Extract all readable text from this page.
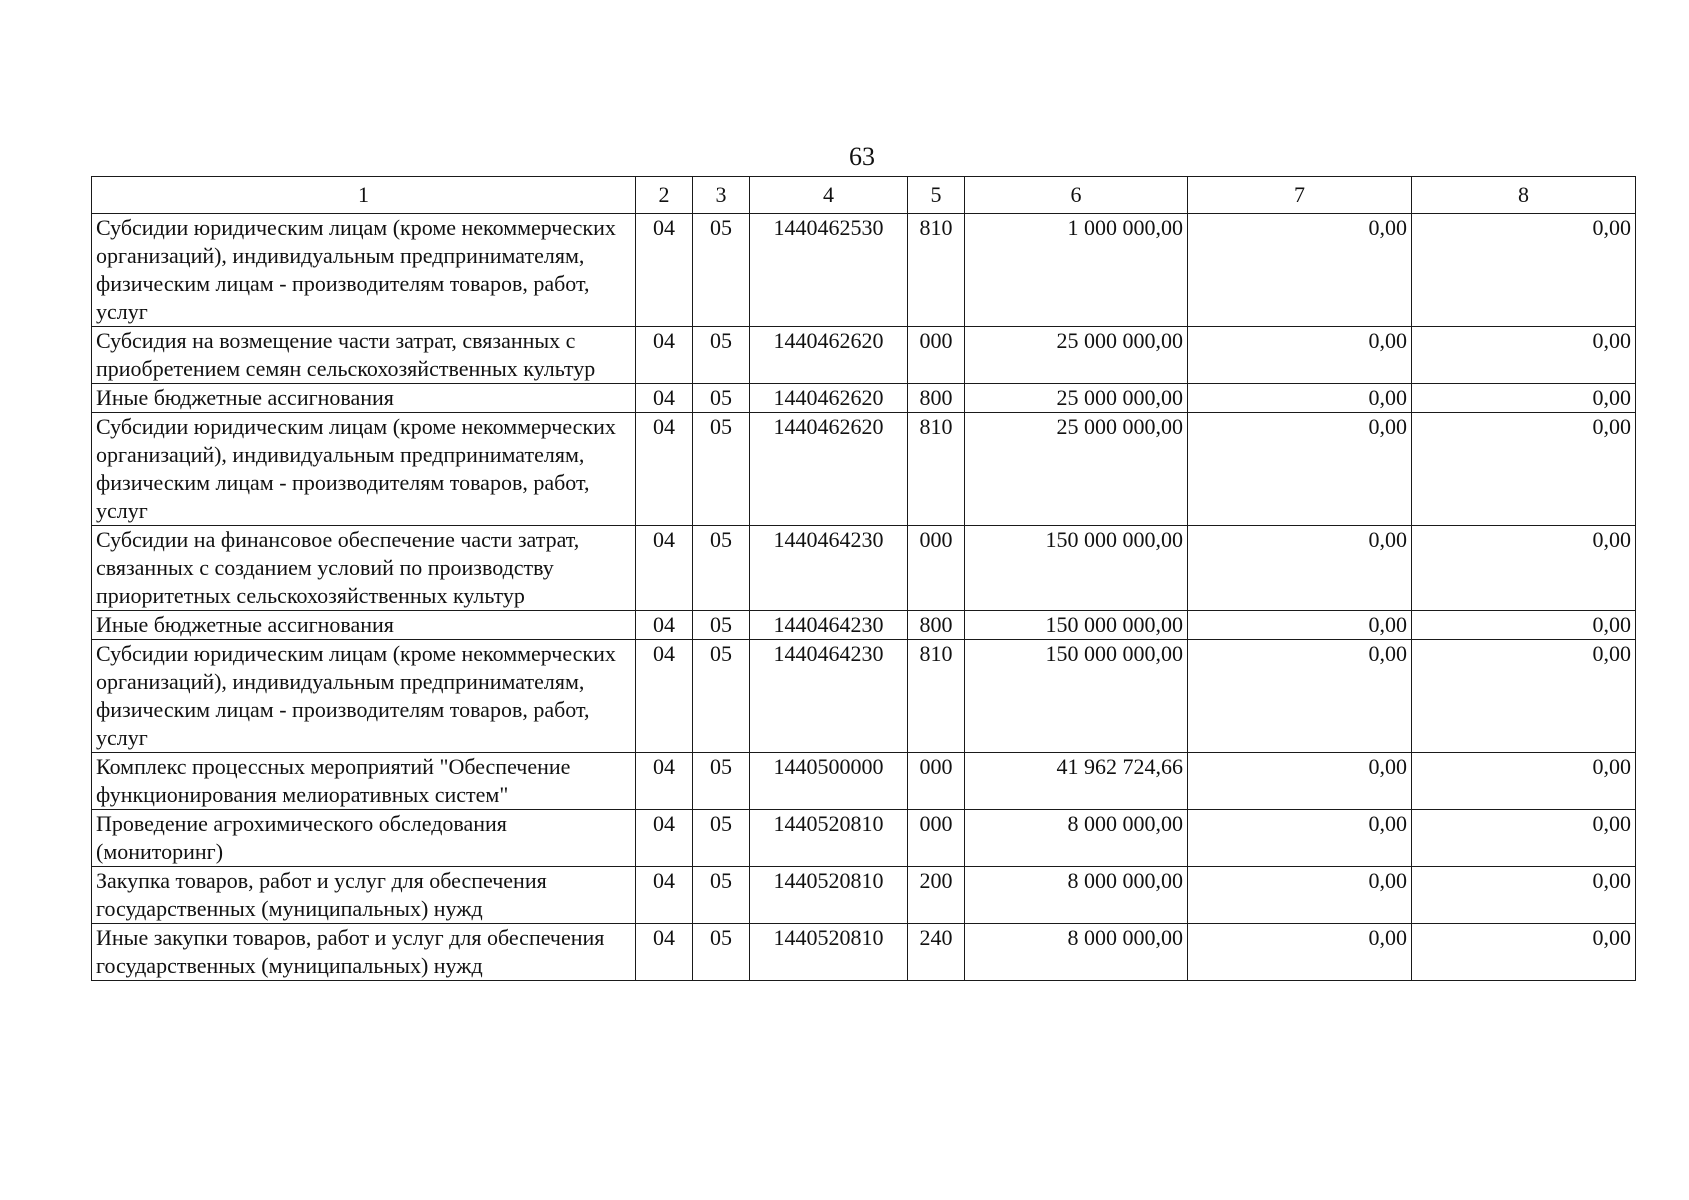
63
1	2	3	4	5	6	7	8
Субсидии юридическим лицам (кроме некоммерческих организаций), индивидуальным предпринимателям, физическим лицам - производителям товаров, работ, услуг	04	05	1440462530	810	1 000 000,00	0,00	0,00
Субсидия на возмещение части затрат, связанных с приобретением семян сельскохозяйственных культур	04	05	1440462620	000	25 000 000,00	0,00	0,00
Иные бюджетные ассигнования	04	05	1440462620	800	25 000 000,00	0,00	0,00
Субсидии юридическим лицам (кроме некоммерческих организаций), индивидуальным предпринимателям, физическим лицам - производителям товаров, работ, услуг	04	05	1440462620	810	25 000 000,00	0,00	0,00
Субсидии на финансовое обеспечение части затрат, связанных с созданием условий по производству приоритетных сельскохозяйственных культур	04	05	1440464230	000	150 000 000,00	0,00	0,00
Иные бюджетные ассигнования	04	05	1440464230	800	150 000 000,00	0,00	0,00
Субсидии юридическим лицам (кроме некоммерческих организаций), индивидуальным предпринимателям, физическим лицам - производителям товаров, работ, услуг	04	05	1440464230	810	150 000 000,00	0,00	0,00
Комплекс процессных мероприятий "Обеспечение функционирования мелиоративных систем"	04	05	1440500000	000	41 962 724,66	0,00	0,00
Проведение агрохимического обследования (мониторинг)	04	05	1440520810	000	8 000 000,00	0,00	0,00
Закупка товаров, работ и услуг для обеспечения государственных (муниципальных) нужд	04	05	1440520810	200	8 000 000,00	0,00	0,00
Иные закупки товаров, работ и услуг для обеспечения государственных (муниципальных) нужд	04	05	1440520810	240	8 000 000,00	0,00	0,00
